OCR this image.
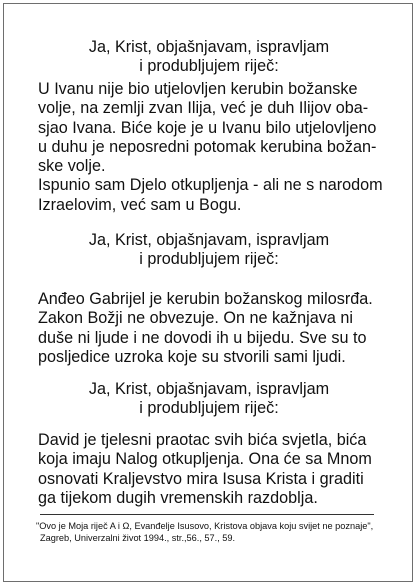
Ja, Krist, objašnjavam, ispravljam
i produbljujem riječ:
U Ivanu nije bio utjelovljen kerubin božanske
volje, na zemlji zvan Ilija, već je duh Ilijov oba-
sjao Ivana. Biće koje je u Ivanu bilo utjelovljeno
u duhu je neposredni potomak kerubina božan-
ske volje.
Ispunio sam Djelo otkupljenja - ali ne s narodom
Izraelovim, već sam u Bogu.
Ja, Krist, objašnjavam, ispravljam
i produbljujem riječ:
Anđeo Gabrijel je kerubin božanskog milosrđa.
Zakon Božji ne obvezuje. On ne kažnjava ni
duše ni ljude i ne dovodi ih u bijedu. Sve su to
posljedice uzroka koje su stvorili sami ljudi.
Ja, Krist, objašnjavam, ispravljam
i produbljujem riječ:
David je tjelesni praotac svih bića svjetla, bića
koja imaju Nalog otkupljenja. Ona će sa Mnom
osnovati Kraljevstvo mira Isusa Krista i graditi
ga tijekom dugih vremenskih razdoblja.
"Ovo je Moja riječ A i Ω, Evanđelje Isusovo, Kristova objava koju svijet ne poznaje",
Zagreb, Univerzalni život 1994., str.,56., 57., 59.
